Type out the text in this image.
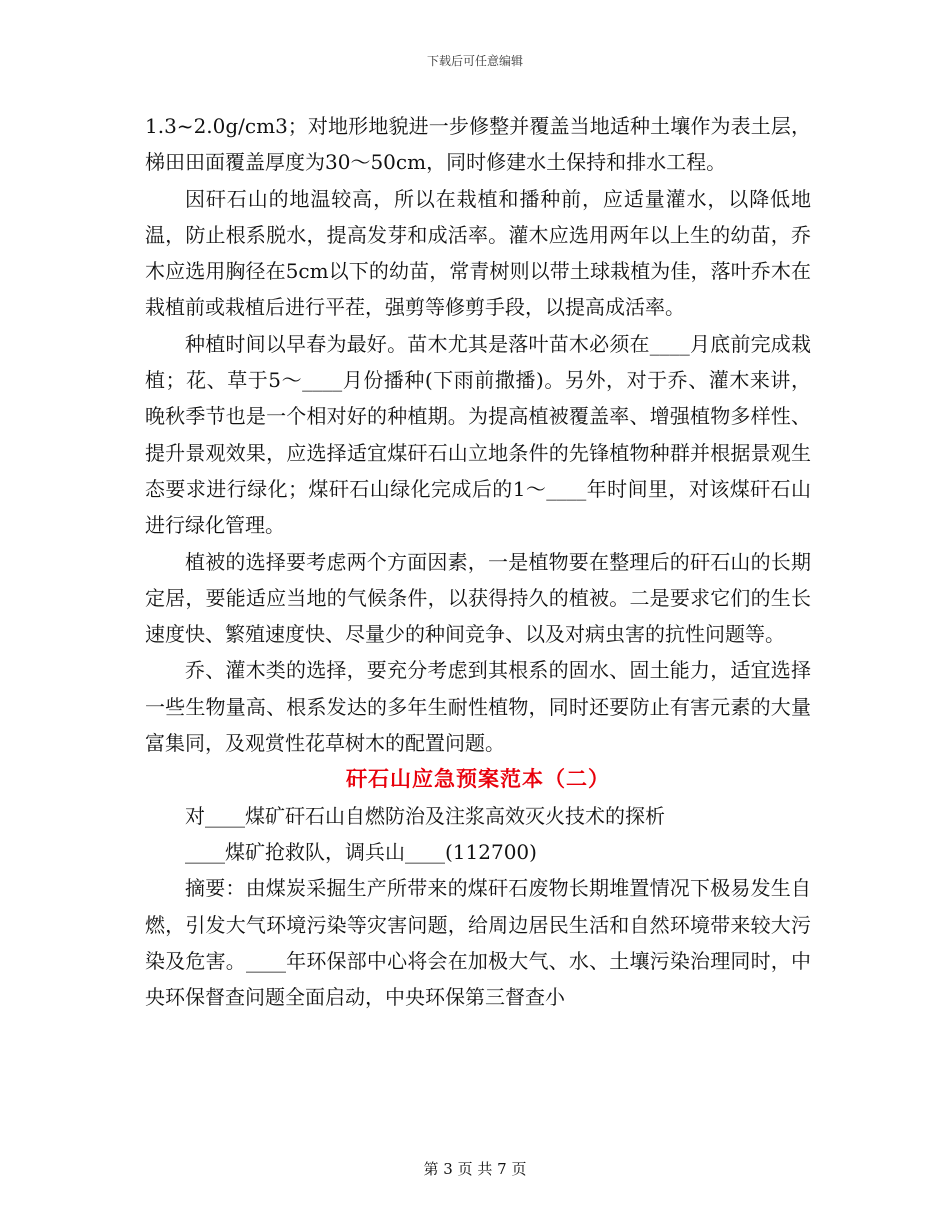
下载后可任意编辑

1.3~2.0g/cm3；对地形地貌进一步修整并覆盖当地适种土壤作为表土层，梯田田面覆盖厚度为30～50cm，同时修建水土保持和排水工程。

因矸石山的地温较高，所以在栽植和播种前，应适量灌水，以降低地温，防止根系脱水，提高发芽和成活率。灌木应选用两年以上生的幼苗，乔木应选用胸径在5cm以下的幼苗，常青树则以带土球栽植为佳，落叶乔木在栽植前或栽植后进行平茬，强剪等修剪手段，以提高成活率。

种植时间以早春为最好。苗木尤其是落叶苗木必须在____月底前完成栽植；花、草于5～____月份播种(下雨前撒播)。另外，对于乔、灌木来讲，晚秋季节也是一个相对好的种植期。为提高植被覆盖率、增强植物多样性、提升景观效果，应选择适宜煤矸石山立地条件的先锋植物种群并根据景观生态要求进行绿化；煤矸石山绿化完成后的1～____年时间里，对该煤矸石山进行绿化管理。

植被的选择要考虑两个方面因素，一是植物要在整理后的矸石山的长期定居，要能适应当地的气候条件，以获得持久的植被。二是要求它们的生长速度快、繁殖速度快、尽量少的种间竞争、以及对病虫害的抗性问题等。

乔、灌木类的选择，要充分考虑到其根系的固水、固土能力，适宜选择一些生物量高、根系发达的多年生耐性植物，同时还要防止有害元素的大量富集同，及观赏性花草树木的配置问题。

矸石山应急预案范本（二）

对____煤矿矸石山自燃防治及注浆高效灭火技术的探析

____煤矿抢救队，调兵山____(112700)

摘要：由煤炭采掘生产所带来的煤矸石废物长期堆置情况下极易发生自燃，引发大气环境污染等灾害问题，给周边居民生活和自然环境带来较大污染及危害。____年环保部中心将会在加极大气、水、土壤污染治理同时，中央环保督查问题全面启动，中央环保第三督查小

第 3 页 共 7 页
